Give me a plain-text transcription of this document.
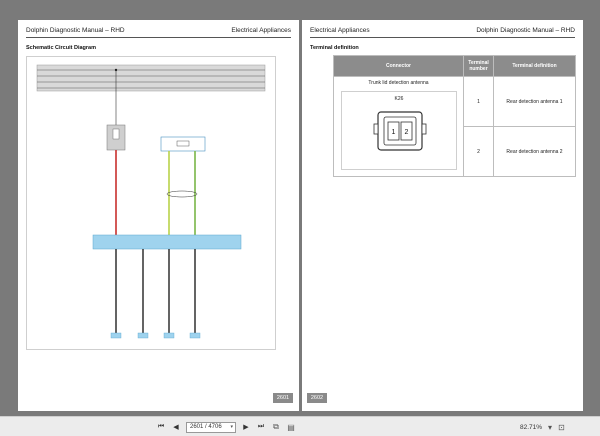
Dolphin Diagnostic Manual – RHD	Electrical Appliances
Schematic Circuit Diagram
2601
Electrical Appliances	Dolphin Diagnostic Manual – RHD
Terminal definition
Connector	Terminal number	Terminal definition

Trunk lid detection antenna
K26
1 2	1	Rear detection antenna 1
	2	Rear detection antenna 2
2602
⏮	◀	2601 / 4706 ▾	▶	⏭ ⧉ ▤	82.71% ▾ ⊡
